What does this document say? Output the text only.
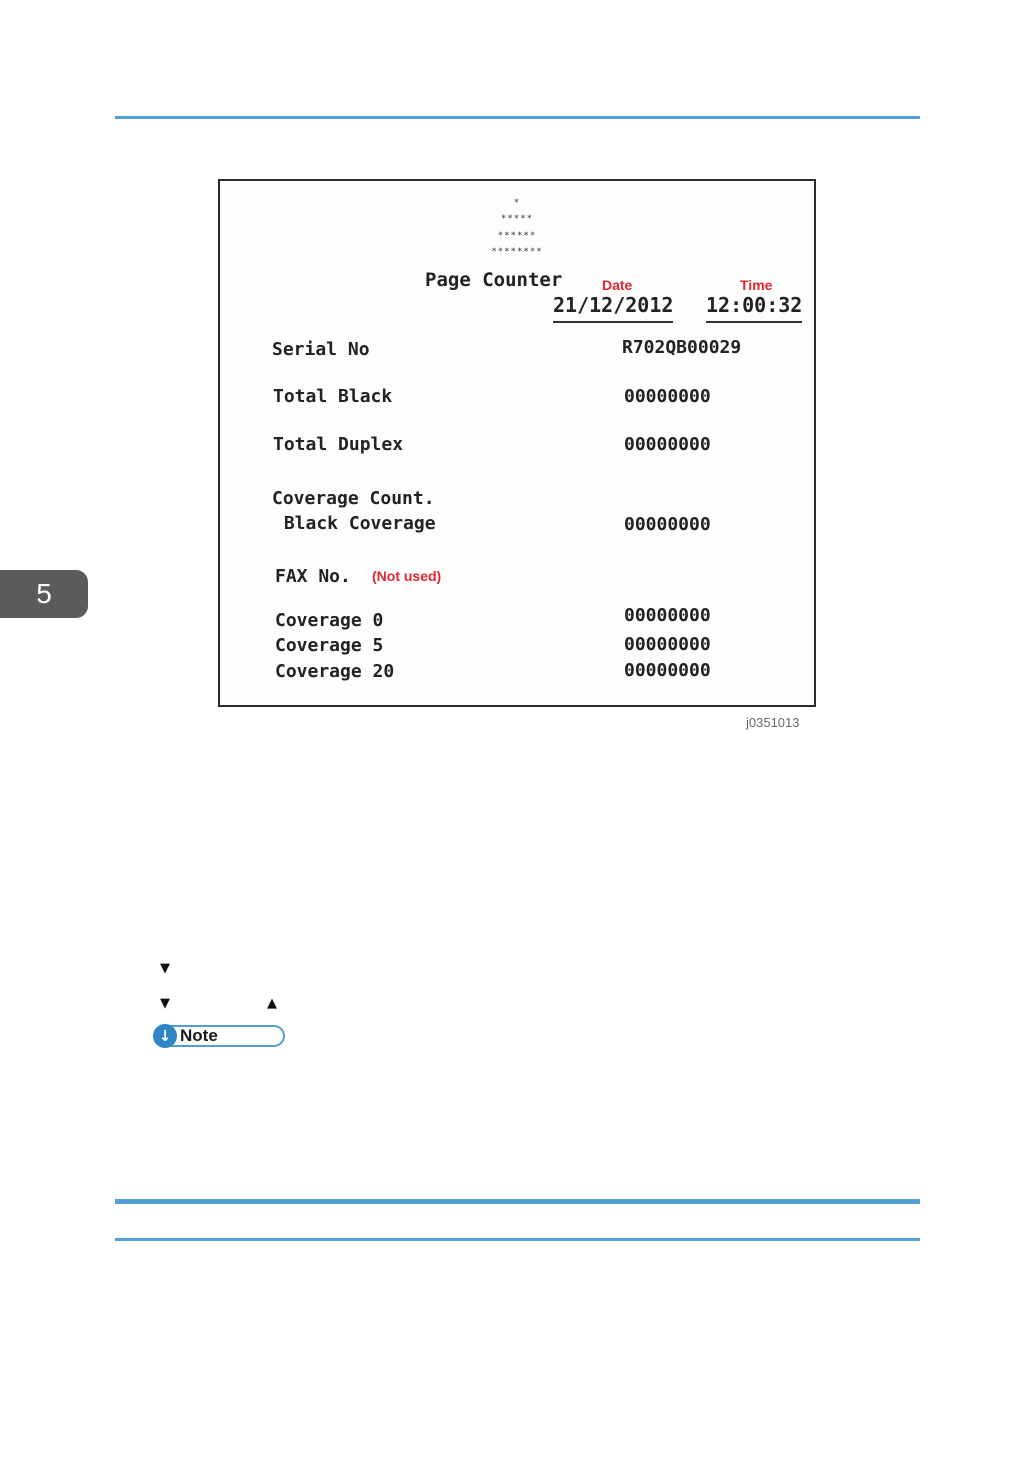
5
*
*****
******
********
Page Counter	Date	Time
21/12/2012 12:00:32
Serial No	R702QB00029
Total Black	00000000
Total Duplex	00000000
Coverage Count.
Black Coverage	00000000
FAX No. (Not used)
Coverage 0	00000000
Coverage 5	00000000
Coverage 20	00000000
j0351013
▼
▼	▲
↓ Note
